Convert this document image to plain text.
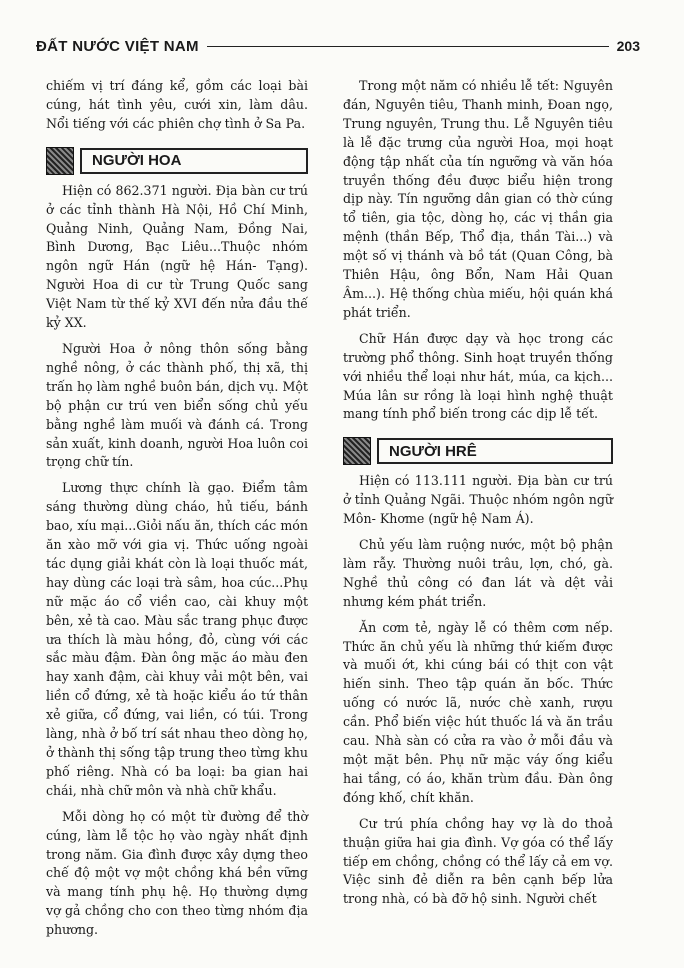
ĐẤT NƯỚC VIỆT NAM	203

chiếm vị trí đáng kể, gồm các loại bài cúng, hát tình yêu, cưới xin, làm dâu. Nổi tiếng với các phiên chợ tình ở Sa Pa.

NGƯỜI HOA

Hiện có 862.371 người. Địa bàn cư trú ở các tỉnh thành Hà Nội, Hồ Chí Minh, Quảng Ninh, Quảng Nam, Đồng Nai, Bình Dương, Bạc Liêu...Thuộc nhóm ngôn ngữ Hán (ngữ hệ Hán- Tạng). Người Hoa di cư từ Trung Quốc sang Việt Nam từ thế kỷ XVI đến nửa đầu thế kỷ XX.

Người Hoa ở nông thôn sống bằng nghề nông, ở các thành phố, thị xã, thị trấn họ làm nghề buôn bán, dịch vụ. Một bộ phận cư trú ven biển sống chủ yếu bằng nghề làm muối và đánh cá. Trong sản xuất, kinh doanh, người Hoa luôn coi trọng chữ tín.

Lương thực chính là gạo. Điểm tâm sáng thường dùng cháo, hủ tiếu, bánh bao, xíu mại...Giỏi nấu ăn, thích các món ăn xào mỡ với gia vị. Thức uống ngoài tác dụng giải khát còn là loại thuốc mát, hay dùng các loại trà sâm, hoa cúc...Phụ nữ mặc áo cổ viền cao, cài khuy một bên, xẻ tà cao. Màu sắc trang phục được ưa thích là màu hồng, đỏ, cùng với các sắc màu đậm. Đàn ông mặc áo màu đen hay xanh đậm, cài khuy vải một bên, vai liền cổ đứng, xẻ tà hoặc kiểu áo tứ thân xẻ giữa, cổ đứng, vai liền, có túi. Trong làng, nhà ở bố trí sát nhau theo dòng họ, ở thành thị sống tập trung theo từng khu phố riêng. Nhà có ba loại: ba gian hai chái, nhà chữ môn và nhà chữ khẩu.

Mỗi dòng họ có một từ đường để thờ cúng, làm lễ tộc họ vào ngày nhất định trong năm. Gia đình được xây dựng theo chế độ một vợ một chồng khá bền vững và mang tính phụ hệ. Họ thường dựng vợ gả chồng cho con theo từng nhóm địa phương.

Trong một năm có nhiều lễ tết: Nguyên đán, Nguyên tiêu, Thanh minh, Đoan ngọ, Trung nguyên, Trung thu. Lễ Nguyên tiêu là lễ đặc trưng của người Hoa, mọi hoạt động tập nhất của tín ngưỡng và văn hóa truyền thống đều được biểu hiện trong dịp này. Tín ngưỡng dân gian có thờ cúng tổ tiên, gia tộc, dòng họ, các vị thần gia mệnh (thần Bếp, Thổ địa, thần Tài...) và một số vị thánh và bồ tát (Quan Công, bà Thiên Hậu, ông Bổn, Nam Hải Quan Âm...). Hệ thống chùa miếu, hội quán khá phát triển.

Chữ Hán được dạy và học trong các trường phổ thông. Sinh hoạt truyền thống với nhiều thể loại như hát, múa, ca kịch... Múa lân sư rồng là loại hình nghệ thuật mang tính phổ biến trong các dịp lễ tết.

NGƯỜI HRÊ

Hiện có 113.111 người. Địa bàn cư trú ở tỉnh Quảng Ngãi. Thuộc nhóm ngôn ngữ Môn- Khơme (ngữ hệ Nam Á).

Chủ yếu làm ruộng nước, một bộ phận làm rẫy. Thường nuôi trâu, lợn, chó, gà. Nghề thủ công có đan lát và dệt vải nhưng kém phát triển.

Ăn cơm tẻ, ngày lễ có thêm cơm nếp. Thức ăn chủ yếu là những thứ kiếm được và muối ớt, khi cúng bái có thịt con vật hiến sinh. Theo tập quán ăn bốc. Thức uống có nước lã, nước chè xanh, rượu cần. Phổ biến việc hút thuốc lá và ăn trầu cau. Nhà sàn có cửa ra vào ở mỗi đầu và một mặt bên. Phụ nữ mặc váy ống kiểu hai tầng, có áo, khăn trùm đầu. Đàn ông đóng khố, chít khăn.

Cư trú phía chồng hay vợ là do thoả thuận giữa hai gia đình. Vợ góa có thể lấy tiếp em chồng, chồng có thể lấy cả em vợ. Việc sinh đẻ diễn ra bên cạnh bếp lửa trong nhà, có bà đỡ hộ sinh. Người chết
